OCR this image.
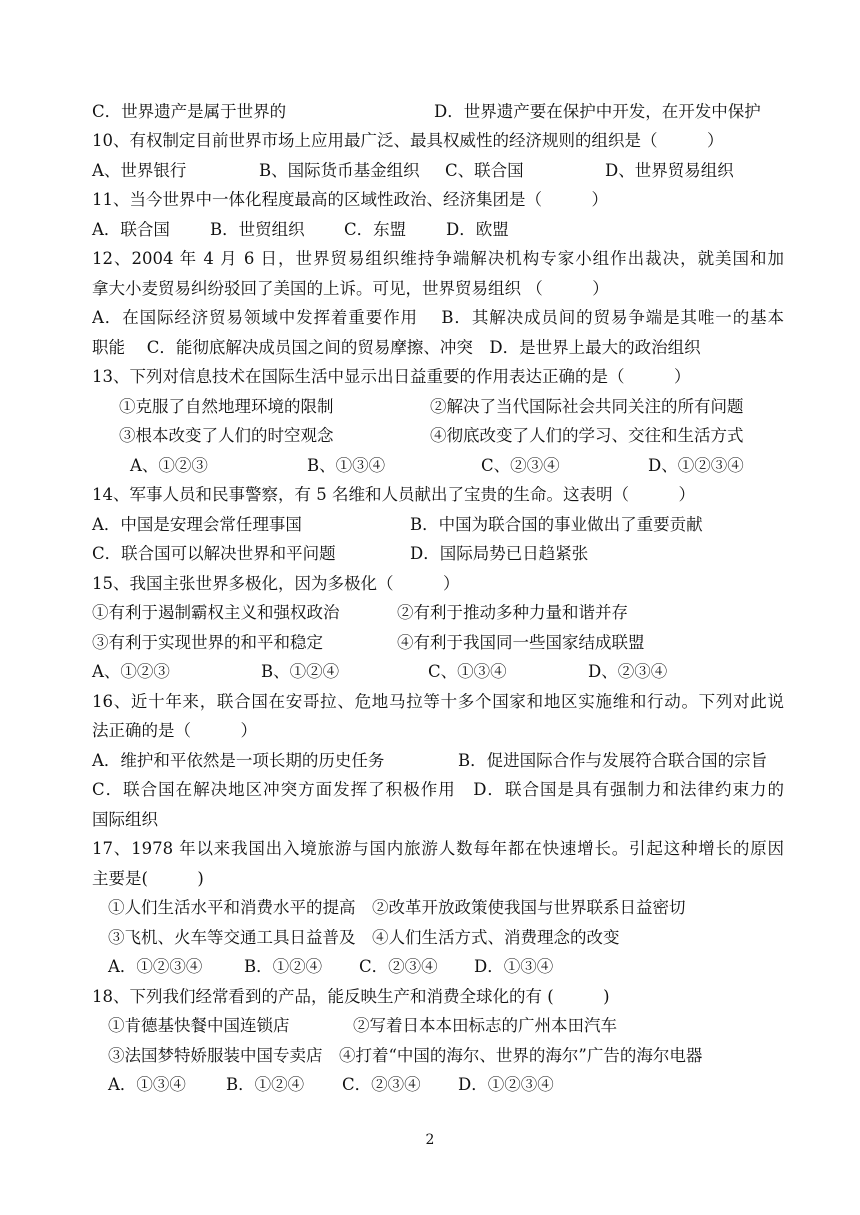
C．世界遗产是属于世界的	D．世界遗产要在保护中开发，在开发中保护
10、有权制定目前世界市场上应用最广泛、最具权威性的经济规则的组织是（　　　）
A、世界银行	B、国际货币基金组织 C、联合国	D、世界贸易组织
11、当今世界中一体化程度最高的区域性政治、经济集团是（　　　）
A．联合国 B．世贸组织 C．东盟 D．欧盟
12、2004 年 4 月 6 日，世界贸易组织维持争端解决机构专家小组作出裁决，就美国和加
拿大小麦贸易纠纷驳回了美国的上诉。可见，世界贸易组织 （　　　）
A．在国际经济贸易领域中发挥着重要作用　 B．其解决成员间的贸易争端是其唯一的基本
职能　 C．能彻底解决成员国之间的贸易摩擦、冲突　D．是世界上最大的政治组织
13、下列对信息技术在国际生活中显示出日益重要的作用表达正确的是（　　　）
①克服了自然地理环境的限制	②解决了当代国际社会共同关注的所有问题
③根本改变了人们的时空观念	④彻底改变了人们的学习、交往和生活方式
A、①②③	B、①③④	C、②③④	D、①②③④
14、军事人员和民事警察，有 5 名维和人员献出了宝贵的生命。这表明（　　　）
A．中国是安理会常任理事国	B．中国为联合国的事业做出了重要贡献
C．联合国可以解决世界和平问题	D．国际局势已日趋紧张
15、我国主张世界多极化，因为多极化（　　　）
①有利于遏制霸权主义和强权政治	②有利于推动多种力量和谐并存
③有利于实现世界的和平和稳定	④有利于我国同一些国家结成联盟
A、①②③	B、①②④	C、①③④	D、②③④
16、近十年来，联合国在安哥拉、危地马拉等十多个国家和地区实施维和行动。下列对此说
法正确的是（　　　）
A．维护和平依然是一项长期的历史任务	B．促进国际合作与发展符合联合国的宗旨
C．联合国在解决地区冲突方面发挥了积极作用　D．联合国是具有强制力和法律约束力的
国际组织
17、1978 年以来我国出入境旅游与国内旅游人数每年都在快速增长。引起这种增长的原因
主要是(　　　)
①人们生活水平和消费水平的提高　②改革开放政策使我国与世界联系日益密切
③飞机、火车等交通工具日益普及　④人们生活方式、消费理念的改变
A．①②③④	B．①②④ C．②③④ D．①③④
18、下列我们经常看到的产品，能反映生产和消费全球化的有 (　　　)
①肯德基快餐中国连锁店	②写着日本本田标志的广州本田汽车
③法国梦特娇服装中国专卖店　④打着“中国的海尔、世界的海尔”广告的海尔电器
A．①③④ B．①②④ C．②③④ D．①②③④
2
